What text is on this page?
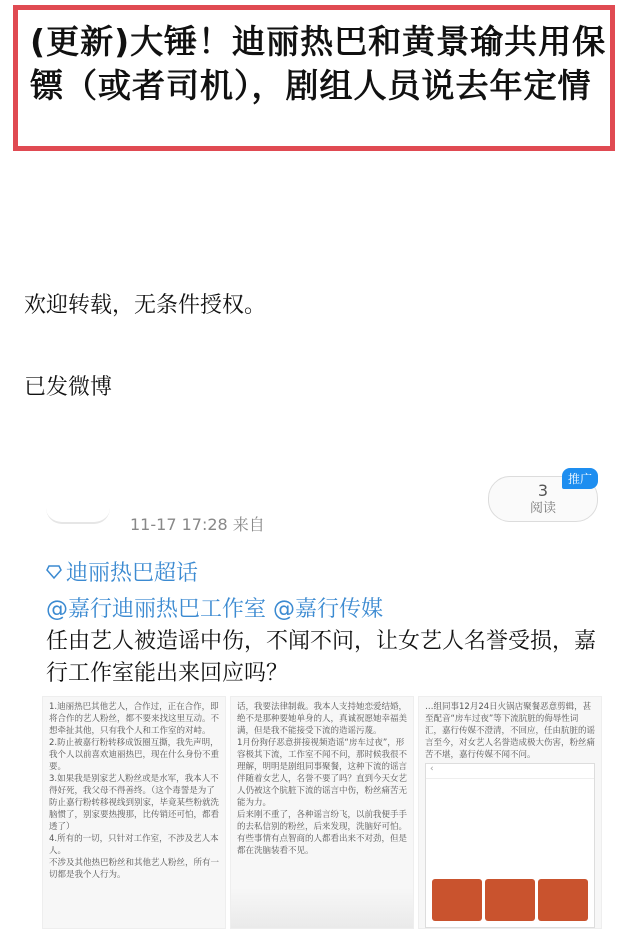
(更新)大锤！迪丽热巴和黄景瑜共用保镖（或者司机），剧组人员说去年定情
欢迎转载，无条件授权。
已发微博
11-17 17:28 来自
3
阅读
推广
迪丽热巴超话
@嘉行迪丽热巴工作室 @嘉行传媒
任由艺人被造谣中伤，不闻不问，让女艺人名誉受损，嘉行工作室能出来回应吗？
1.迪丽热巴其他艺人，合作过，正在合作，即将合作的艺人粉丝，都不要来找这里互动。不想牵扯其他，只有我个人和工作室的对峙。
2.防止被嘉行粉转移成饭圈互撕，我先声明，我个人以前喜欢迪丽热巴，现在什么身份不重要。
3.如果我是别家艺人粉丝或是水军，我本人不得好死，我父母不得善终。（这个毒誓是为了防止嘉行粉转移视线到别家，毕竟某些粉就洗脑惯了，别家要热搜那，比传销还可怕，都看透了）
4.所有的一切，只针对工作室，不涉及艺人本人。
不涉及其他热巴粉丝和其他艺人粉丝，所有一切都是我个人行为。
话，我要法律制裁。我本人支持她恋爱结婚，绝不是那种要她单身的人，真诚祝愿她幸福美满，但是我不能接受下流的造谣污蔑。
1月份狗仔恶意拼接视频造谣“房车过夜”，形容极其下流，工作室不闻不问，那时候我很不理解，明明是剧组同事聚餐，这种下流的谣言伴随着女艺人，名誉不要了吗？直到今天女艺人仍被这个肮脏下流的谣言中伤，粉丝痛苦无能为力。
后来刚不重了，各种谣言纷飞，以前我便手手的去私信别的粉丝，后来发现，洗脑好可怕。有些事情有点智商的人都看出来不对劲，但是都在洗脑装看不见。
…组同事12月24日火锅店聚餐恶意剪辑，甚至配音“房车过夜”等下流肮脏的侮辱性词汇，嘉行传媒不澄清，不回应，任由肮脏的谣言至今，对女艺人名誉造成极大伤害，粉丝痛苦不堪，嘉行传媒不闻不问。
‹
